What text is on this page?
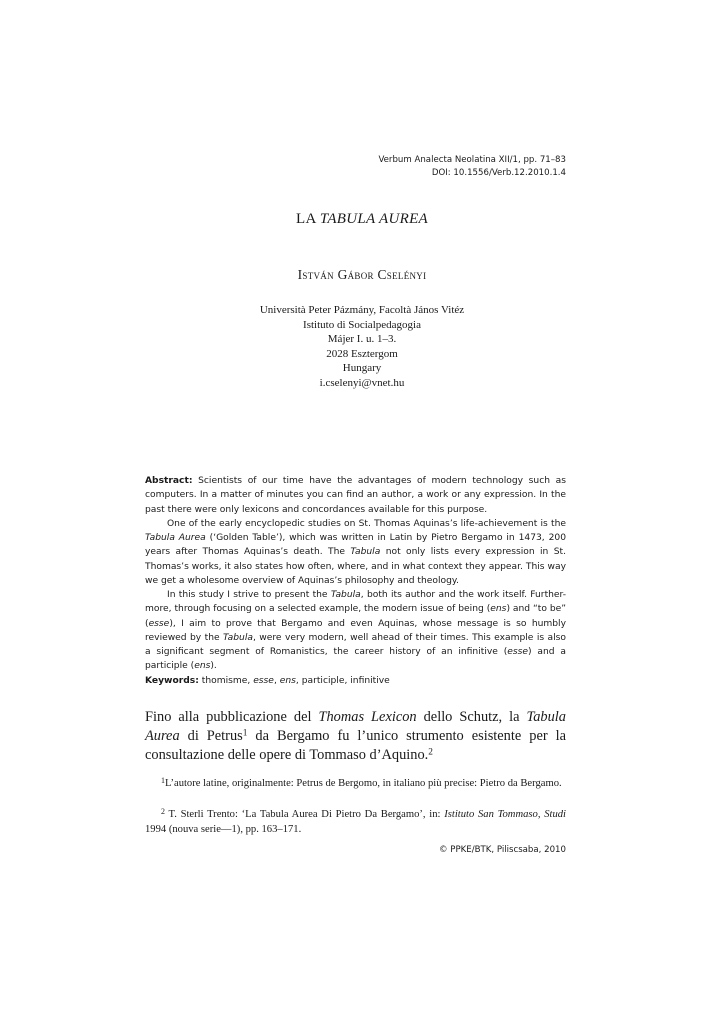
Verbum Analecta Neolatina XII/1, pp. 71–83
DOI: 10.1556/Verb.12.2010.1.4
LA TABULA AUREA
István Gábor Cselényi
Università Peter Pázmány, Facoltà János Vitéz
Istituto di Socialpedagogia
Májer I. u. 1–3.
2028 Esztergom
Hungary
i.cselenyi@vnet.hu

Abstract: Scientists of our time have the advantages of modern technology such as computers. In a matter of minutes you can find an author, a work or any expression. In the past there were only lexicons and concordances available for this purpose.

One of the early encyclopedic studies on St. Thomas Aquinas’s life-achievement is the Tabula Aurea (‘Golden Table’), which was written in Latin by Pietro Bergamo in 1473, 200 years after Thomas Aquinas’s death. The Tabula not only lists every expression in St. Thomas’s works, it also states how often, where, and in what context they appear. This way we get a wholesome overview of Aquinas’s philosophy and theology.

In this study I strive to present the Tabula, both its author and the work itself. Further-more, through focusing on a selected example, the modern issue of being (ens) and “to be” (esse), I aim to prove that Bergamo and even Aquinas, whose message is so humbly reviewed by the Tabula, were very modern, well ahead of their times. This example is also a significant segment of Romanistics, the career history of an infinitive (esse) and a participle (ens).

Keywords: thomisme, esse, ens, participle, infinitive

Fino alla pubblicazione del Thomas Lexicon dello Schutz, la Tabula Aurea di Petrus$^1$ da Bergamo fu l’unico strumento esistente per la consultazione delle opere di Tommaso d’Aquino.$^2$

$^1$L’autore latine, originalmente: Petrus de Bergomo, in italiano più precise: Pietro da Bergamo.

$^2$ T. Sterli Trento: ‘La Tabula Aurea Di Pietro Da Bergamo’, in: Istituto San Tommaso, Studi 1994 (nouva serie—1), pp. 163–171.

© PPKE/BTK, Piliscsaba, 2010
